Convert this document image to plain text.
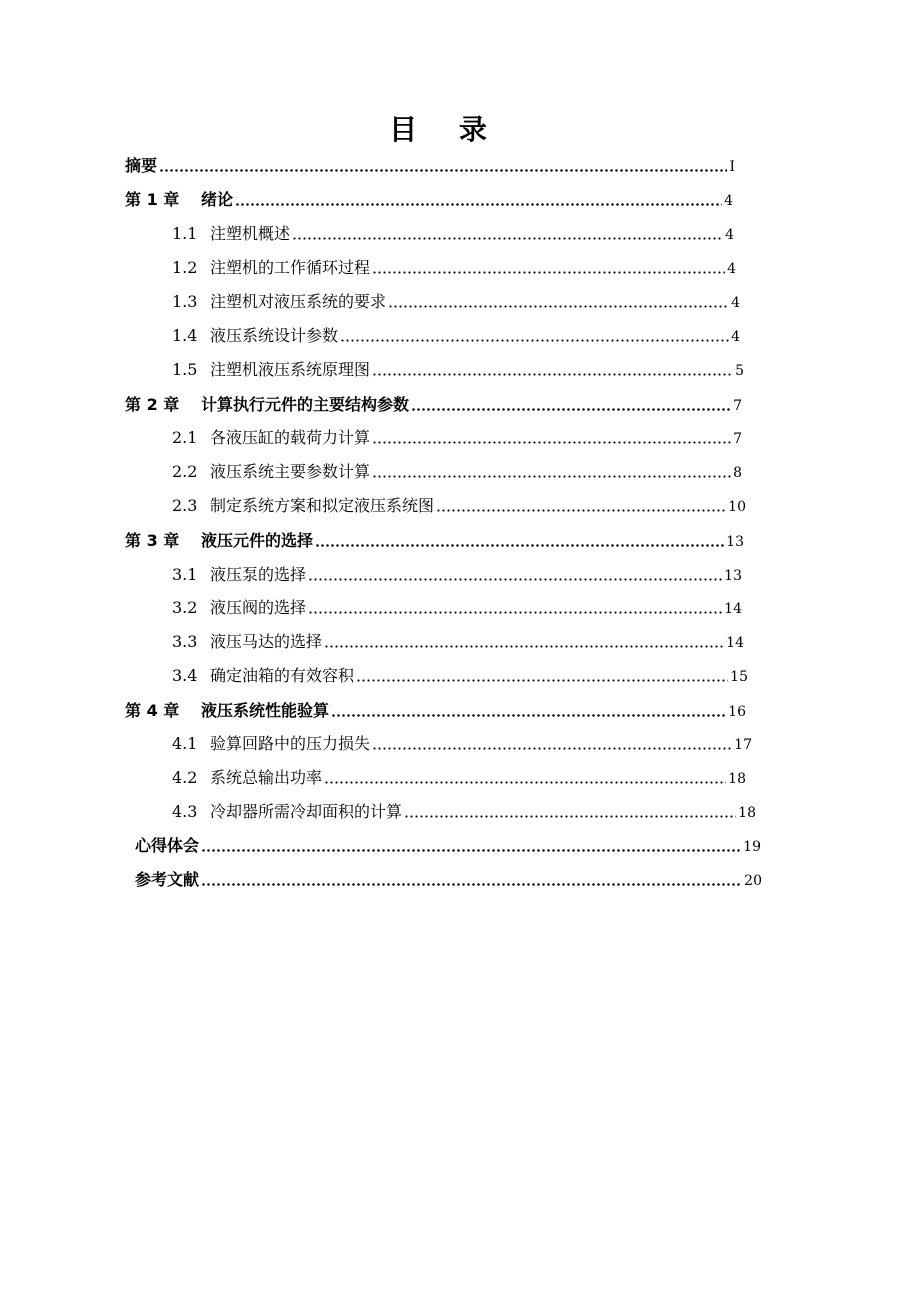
目 录
摘要	I
第 1 章 绪论	4
1.1 注塑机概述	4
1.2 注塑机的工作循环过程	4
1.3 注塑机对液压系统的要求	4
1.4 液压系统设计参数	4
1.5 注塑机液压系统原理图	5
第 2 章 计算执行元件的主要结构参数	7
2.1 各液压缸的载荷力计算	7
2.2 液压系统主要参数计算	8
2.3 制定系统方案和拟定液压系统图	10
第 3 章 液压元件的选择	13
3.1 液压泵的选择	13
3.2 液压阀的选择	14
3.3 液压马达的选择	14
3.4 确定油箱的有效容积	15
第 4 章 液压系统性能验算	16
4.1 验算回路中的压力损失	17
4.2 系统总输出功率	18
4.3 冷却器所需冷却面积的计算	18
心得体会	19
参考文献	20
